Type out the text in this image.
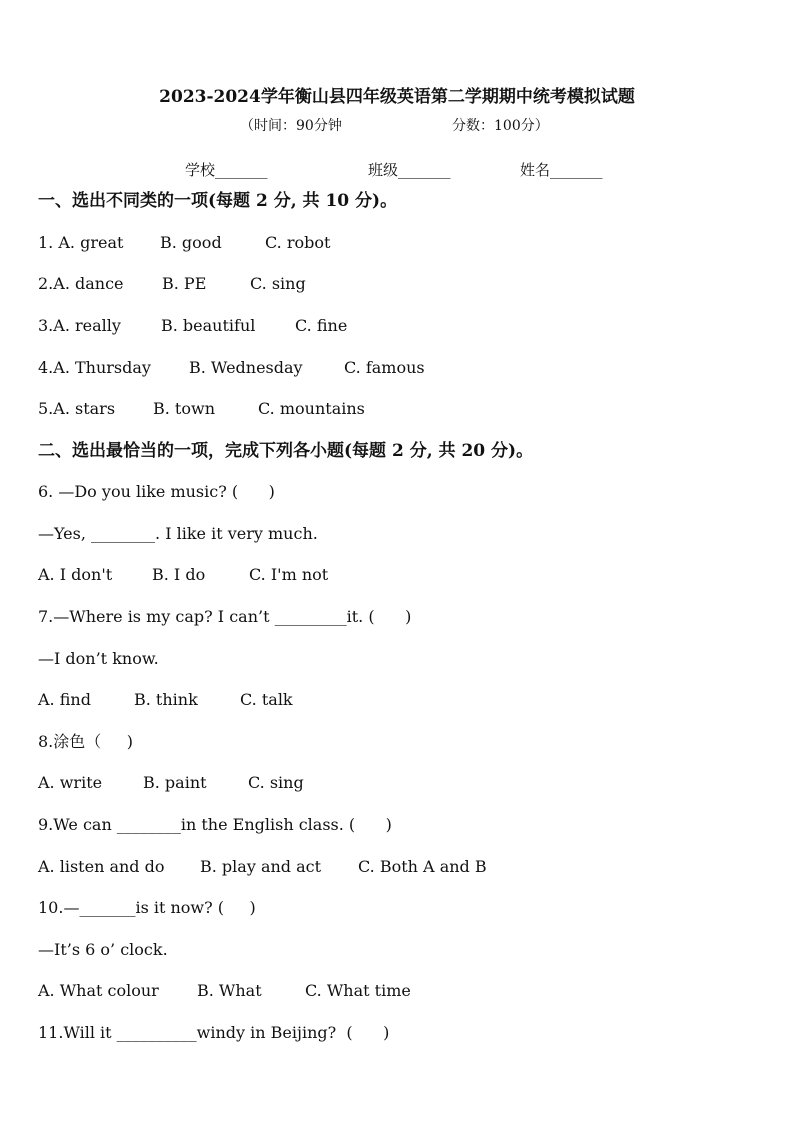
2023-2024学年衡山县四年级英语第二学期期中统考模拟试题
（时间：90分钟	分数：100分）
学校_______	班级_______	姓名_______
一、选出不同类的一项(每题 2 分, 共 10 分)。
1. A. great B. good	C. robot
2.A. dance B. PE	C. sing
3.A. really	B. beautiful C. fine
4.A. Thursday B. Wednesday	C. famous
5.A. stars B. town	C. mountains
二、选出最恰当的一项，完成下列各小题(每题 2 分, 共 20 分)。
6. —Do you like music? (      )
—Yes, ________. I like it very much.
A. I don't B. I do	C. I'm not
7.—Where is my cap? I can’t _________it. (      )
—I don’t know.
A. find	B. think	C. talk
8.涂色（     )
A. write	B. paint	C. sing
9.We can ________in the English class. (      )
A. listen and do B. play and act C. Both A and B
10.—_______is it now? (     )
—It’s 6 o’ clock.
A. What colour B. What	C. What time
11.Will it __________windy in Beijing?  (      )
